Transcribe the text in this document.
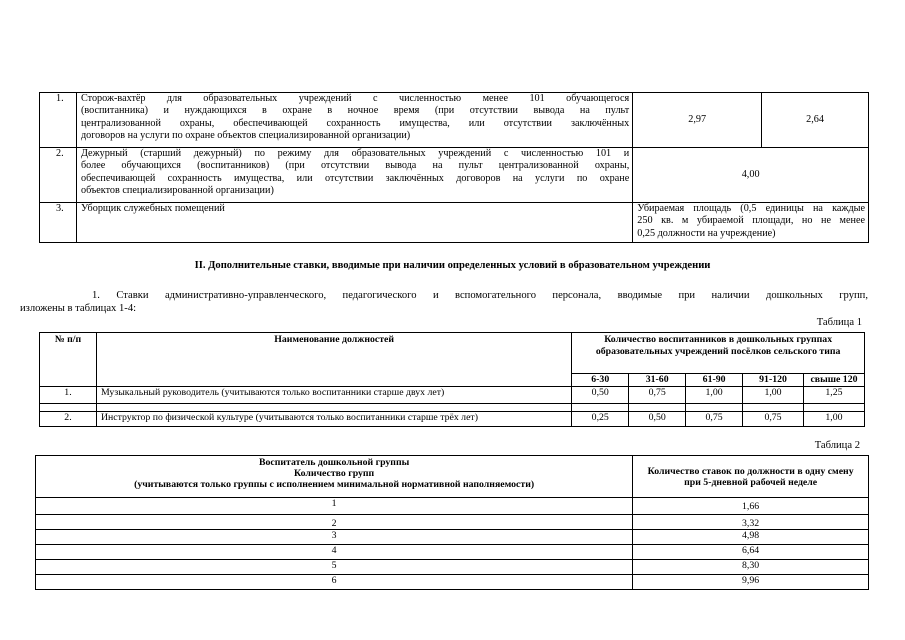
1.	Сторож-вахтёр для образовательных учреждений с численностью менее 101 обучающегося
(воспитанника) и нуждающихся в охране в ночное время (при отсутствии вывода на пульт
централизованной охраны, обеспечивающей сохранность имущества, или отсутствии заключённых
договоров на услуги по охране объектов специализированной организации)	2,97	2,64
2.	Дежурный (старший дежурный) по режиму для образовательных учреждений с численностью 101 и
более обучающихся (воспитанников) (при отсутствии вывода на пульт централизованной охраны,
обеспечивающей сохранность имущества, или отсутствии заключённых договоров на услуги по охране
объектов специализированной организации)	4,00	
3.	Уборщик служебных помещений	Убираемая площадь (0,5 единицы на каждые
250 кв. м убираемой площади, но не менее
0,25 должности на учреждение)	
II. Дополнительные ставки, вводимые при наличии определенных условий в образовательном учреждении
1. Ставки административно-управленческого, педагогического и вспомогательного персонала, вводимые при наличии дошкольных групп,
изложены в таблицах 1-4:
Таблица 1
№ п/п	Наименование должностей	Количество воспитанников в дошкольных группах образовательных учреждений посёлков сельского типа				
		6-30	31-60	61-90	91-120	свыше 120
1.	Музыкальный руководитель (учитываются только воспитанники старше двух лет)	0,50	0,75	1,00	1,00	1,25

2.	Инструктор по физической культуре (учитываются только воспитанники старше трёх лет)	0,25	0,50	0,75	0,75	1,00
Таблица 2
Воспитатель дошкольной группы
Количество групп
(учитываются только группы с исполнением минимальной нормативной наполняемости)	Количество ставок по должности в одну смену при 5-дневной рабочей неделе
1	1,66
2	3,32
3	4,98
4	6,64
5	8,30
6	9,96
